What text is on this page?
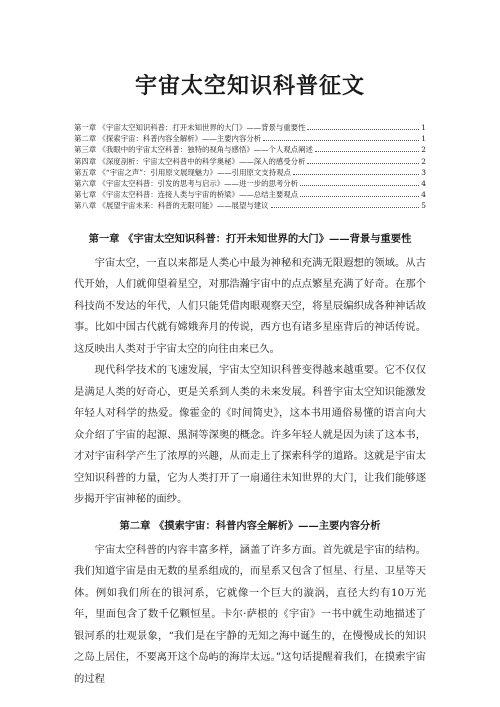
宇宙太空知识科普征文
第一章 《宇宙太空知识科普：打开未知世界的大门》——背景与重要性	1
第二章 《探索宇宙：科普内容全解析》——主要内容分析	1
第三章 《我眼中的宇宙太空科普：独特的视角与感悟》——个人观点阐述	2
第四章 《深度剖析：宇宙太空科普中的科学奥秘》——深入的感受分析	2
第五章 《“宇宙之声”：引用原文展现魅力》——引用原文支持观点	3
第六章 《宇宙太空科普：引发的思考与启示》——进一步的思考分析	4
第七章 《宇宙太空科普：连接人类与宇宙的桥梁》——总结主要观点	4
第八章 《展望宇宙未来：科普的无限可能》——展望与建议	5
第一章 《宇宙太空知识科普：打开未知世界的大门》——背景与重要性

宇宙太空，一直以来都是人类心中最为神秘和充满无限遐想的领域。从古代开始，人们就仰望着星空，对那浩瀚宇宙中的点点繁星充满了好奇。在那个科技尚不发达的年代，人们只能凭借肉眼观察天空，将星辰编织成各种神话故事。比如中国古代就有嫦娥奔月的传说，西方也有诸多星座背后的神话传说。这反映出人类对于宇宙太空的向往由来已久。

现代科学技术的飞速发展，宇宙太空知识科普变得越来越重要。它不仅仅是满足人类的好奇心，更是关系到人类的未来发展。科普宇宙太空知识能激发年轻人对科学的热爱。像霍金的《时间简史》，这本书用通俗易懂的语言向大众介绍了宇宙的起源、黑洞等深奥的概念。许多年轻人就是因为读了这本书，才对宇宙科学产生了浓厚的兴趣，从而走上了探索科学的道路。这就是宇宙太空知识科普的力量，它为人类打开了一扇通往未知世界的大门，让我们能够逐步揭开宇宙神秘的面纱。

第二章 《摸索宇宙：科普内容全解析》——主要内容分析

宇宙太空科普的内容丰富多样，涵盖了许多方面。首先就是宇宙的结构。我们知道宇宙是由无数的星系组成的，而星系又包含了恒星、行星、卫星等天体。例如我们所在的银河系，它就像一个巨大的漩涡，直径大约有10万光年，里面包含了数千亿颗恒星。卡尔·萨根的《宇宙》一书中就生动地描述了银河系的壮观景象，“我们是在宇静的无知之海中诞生的，在慢慢成长的知识之岛上居住，不要离开这个岛屿的海岸太远。”这句话提醒着我们，在摸索宇宙的过程
